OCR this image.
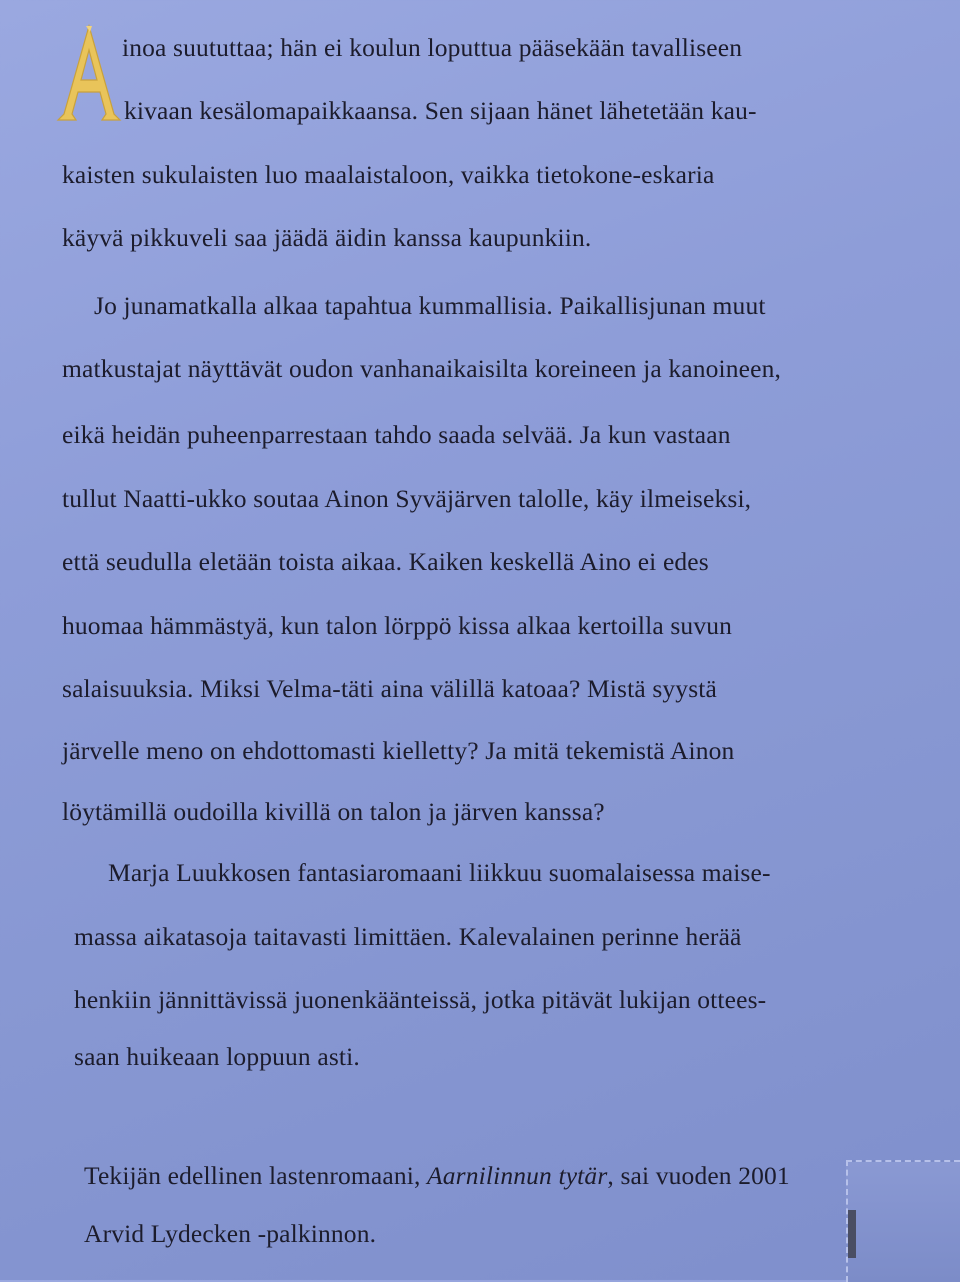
inoa suututtaa; hän ei koulun loputtua pääsekään tavalliseen
kivaan kesälomapaikkaansa. Sen sijaan hänet lähetetään kau-
kaisten sukulaisten luo maalaistaloon, vaikka tietokone-eskaria
käyvä pikkuveli saa jäädä äidin kanssa kaupunkiin.
Jo junamatkalla alkaa tapahtua kummallisia. Paikallisjunan muut
matkustajat näyttävät oudon vanhanaikaisilta koreineen ja kanoineen,
eikä heidän puheenparrestaan tahdo saada selvää. Ja kun vastaan
tullut Naatti-ukko soutaa Ainon Syväjärven talolle, käy ilmeiseksi,
että seudulla eletään toista aikaa. Kaiken keskellä Aino ei edes
huomaa hämmästyä, kun talon lörppö kissa alkaa kertoilla suvun
salaisuuksia. Miksi Velma-täti aina välillä katoaa? Mistä syystä
järvelle meno on ehdottomasti kielletty? Ja mitä tekemistä Ainon
löytämillä oudoilla kivillä on talon ja järven kanssa?
Marja Luukkosen fantasiaromaani liikkuu suomalaisessa maise-
massa aikatasoja taitavasti limittäen. Kalevalainen perinne herää
henkiin jännittävissä juonenkäänteissä, jotka pitävät lukijan ottees-
saan huikeaan loppuun asti.
Tekijän edellinen lastenromaani, Aarnilinnun tytär, sai vuoden 2001
Arvid Lydecken -palkinnon.
